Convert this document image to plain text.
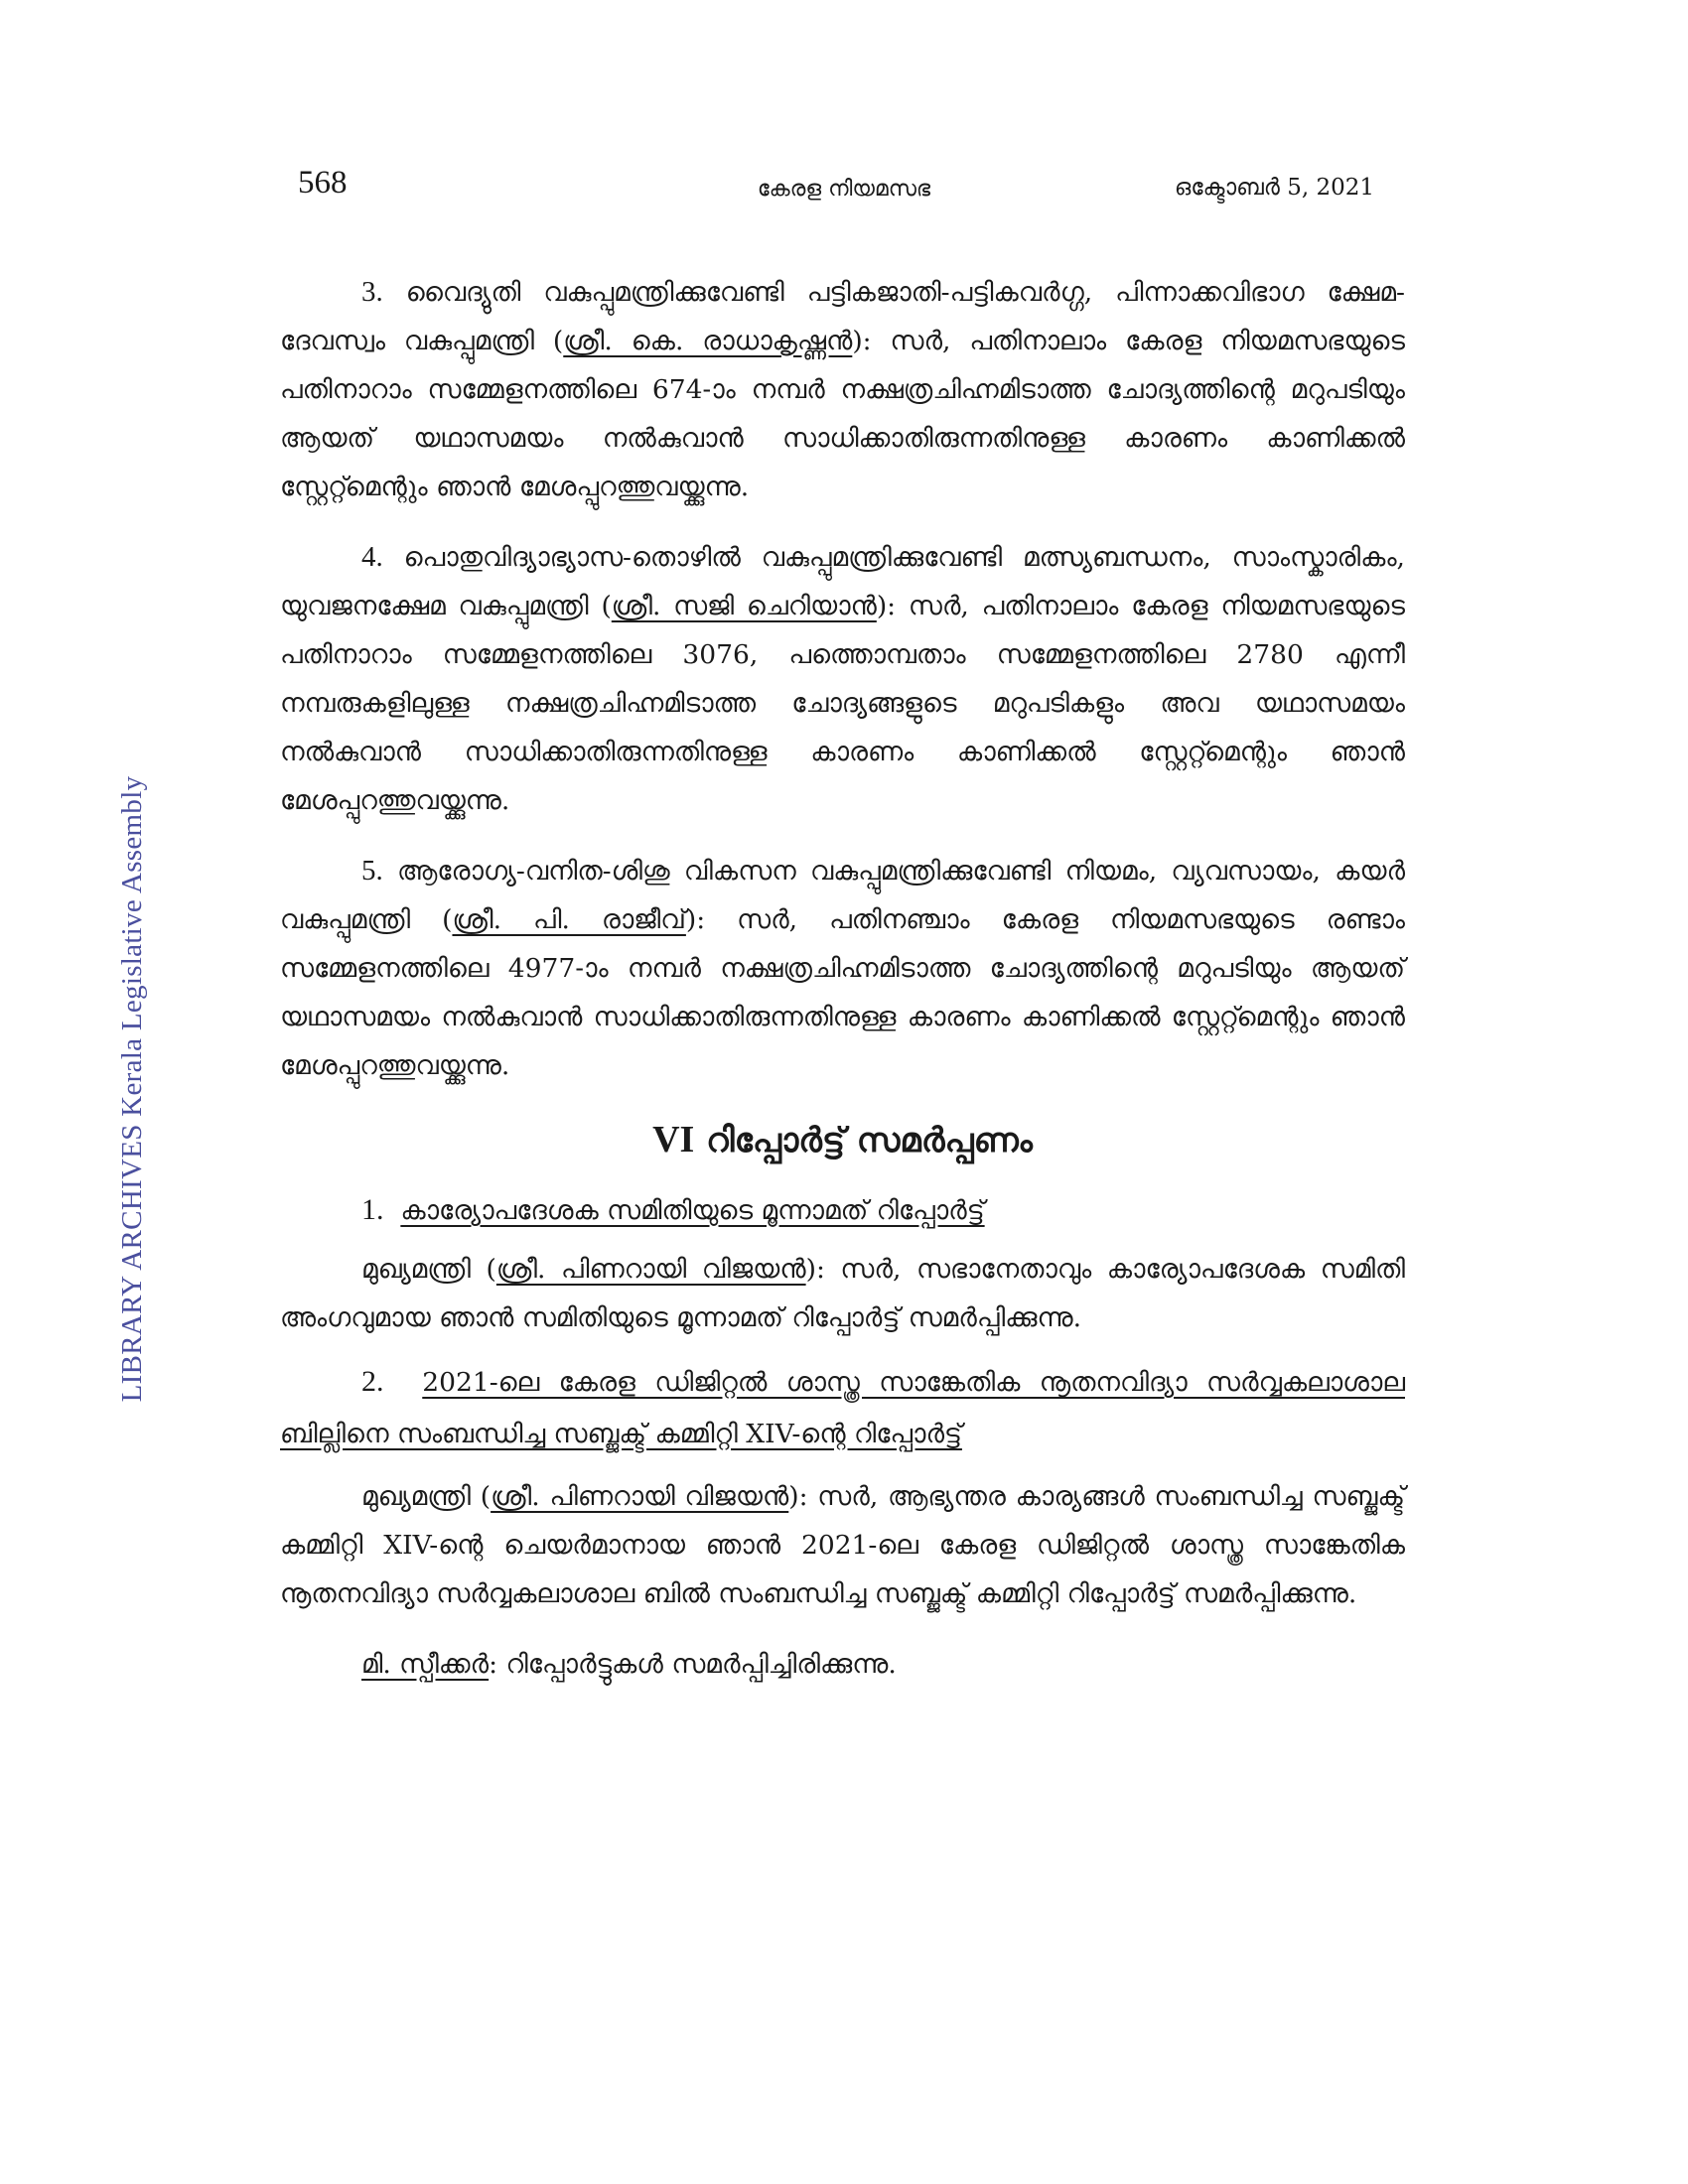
LIBRARY ARCHIVES Kerala Legislative Assembly
568	കേരള നിയമസഭ	ഒക്ടോബർ 5, 2021

3. വൈദ്യുതി വകുപ്പുമന്ത്രിക്കുവേണ്ടി പട്ടികജാതി-പട്ടികവർഗ്ഗ, പിന്നാക്കവിഭാഗ ക്ഷേമ-ദേവസ്വം വകുപ്പുമന്ത്രി (ശ്രീ. കെ. രാധാകൃഷ്ണൻ): സർ, പതിനാലാം കേരള നിയമസഭയുടെ പതിനാറാം സമ്മേളനത്തിലെ 674-ാം നമ്പർ നക്ഷത്രചിഹ്നമിടാത്ത ചോദ്യത്തിന്റെ മറുപടിയും ആയത് യഥാസമയം നൽകുവാൻ സാധിക്കാതിരുന്നതിനുള്ള കാരണം കാണിക്കൽ സ്റ്റേറ്റ്മെന്റും ഞാൻ മേശപ്പുറത്തുവയ്ക്കുന്നു.

4. പൊതുവിദ്യാഭ്യാസ-തൊഴിൽ വകുപ്പുമന്ത്രിക്കുവേണ്ടി മത്സ്യബന്ധനം, സാംസ്കാരികം, യുവജനക്ഷേമ വകുപ്പുമന്ത്രി (ശ്രീ. സജി ചെറിയാൻ): സർ, പതിനാലാം കേരള നിയമസഭയുടെ പതിനാറാം സമ്മേളനത്തിലെ 3076, പത്തൊമ്പതാം സമ്മേളനത്തിലെ 2780 എന്നീ നമ്പരുകളിലുള്ള നക്ഷത്രചിഹ്നമിടാത്ത ചോദ്യങ്ങളുടെ മറുപടികളും അവ യഥാസമയം നൽകുവാൻ സാധിക്കാതിരുന്നതിനുള്ള കാരണം കാണിക്കൽ സ്റ്റേറ്റ്മെന്റും ഞാൻ മേശപ്പുറത്തുവയ്ക്കുന്നു.

5. ആരോഗ്യ-വനിത-ശിശു വികസന വകുപ്പുമന്ത്രിക്കുവേണ്ടി നിയമം, വ്യവസായം, കയർ വകുപ്പുമന്ത്രി (ശ്രീ. പി. രാജീവ്): സർ, പതിനഞ്ചാം കേരള നിയമസഭയുടെ രണ്ടാം സമ്മേളനത്തിലെ 4977-ാം നമ്പർ നക്ഷത്രചിഹ്നമിടാത്ത ചോദ്യത്തിന്റെ മറുപടിയും ആയത് യഥാസമയം നൽകുവാൻ സാധിക്കാതിരുന്നതിനുള്ള കാരണം കാണിക്കൽ സ്റ്റേറ്റ്മെന്റും ഞാൻ മേശപ്പുറത്തുവയ്ക്കുന്നു.

VI റിപ്പോർട്ട് സമർപ്പണം

1. കാര്യോപദേശക സമിതിയുടെ മൂന്നാമത് റിപ്പോർട്ട്

മുഖ്യമന്ത്രി (ശ്രീ. പിണറായി വിജയൻ): സർ, സഭാനേതാവും കാര്യോപദേശക സമിതി അംഗവുമായ ഞാൻ സമിതിയുടെ മൂന്നാമത് റിപ്പോർട്ട് സമർപ്പിക്കുന്നു.

2. 2021-ലെ കേരള ഡിജിറ്റൽ ശാസ്ത്ര സാങ്കേതിക നൂതനവിദ്യാ സർവ്വകലാശാല ബില്ലിനെ സംബന്ധിച്ച സബ്ജക്ട് കമ്മിറ്റി XIV-ന്റെ റിപ്പോർട്ട്

മുഖ്യമന്ത്രി (ശ്രീ. പിണറായി വിജയൻ): സർ, ആഭ്യന്തര കാര്യങ്ങൾ സംബന്ധിച്ച സബ്ജക്ട് കമ്മിറ്റി XIV-ന്റെ ചെയർമാനായ ഞാൻ 2021-ലെ കേരള ഡിജിറ്റൽ ശാസ്ത്ര സാങ്കേതിക നൂതനവിദ്യാ സർവ്വകലാശാല ബിൽ സംബന്ധിച്ച സബ്ജക്ട് കമ്മിറ്റി റിപ്പോർട്ട് സമർപ്പിക്കുന്നു.

മി. സ്പീക്കർ: റിപ്പോർട്ടുകൾ സമർപ്പിച്ചിരിക്കുന്നു.
